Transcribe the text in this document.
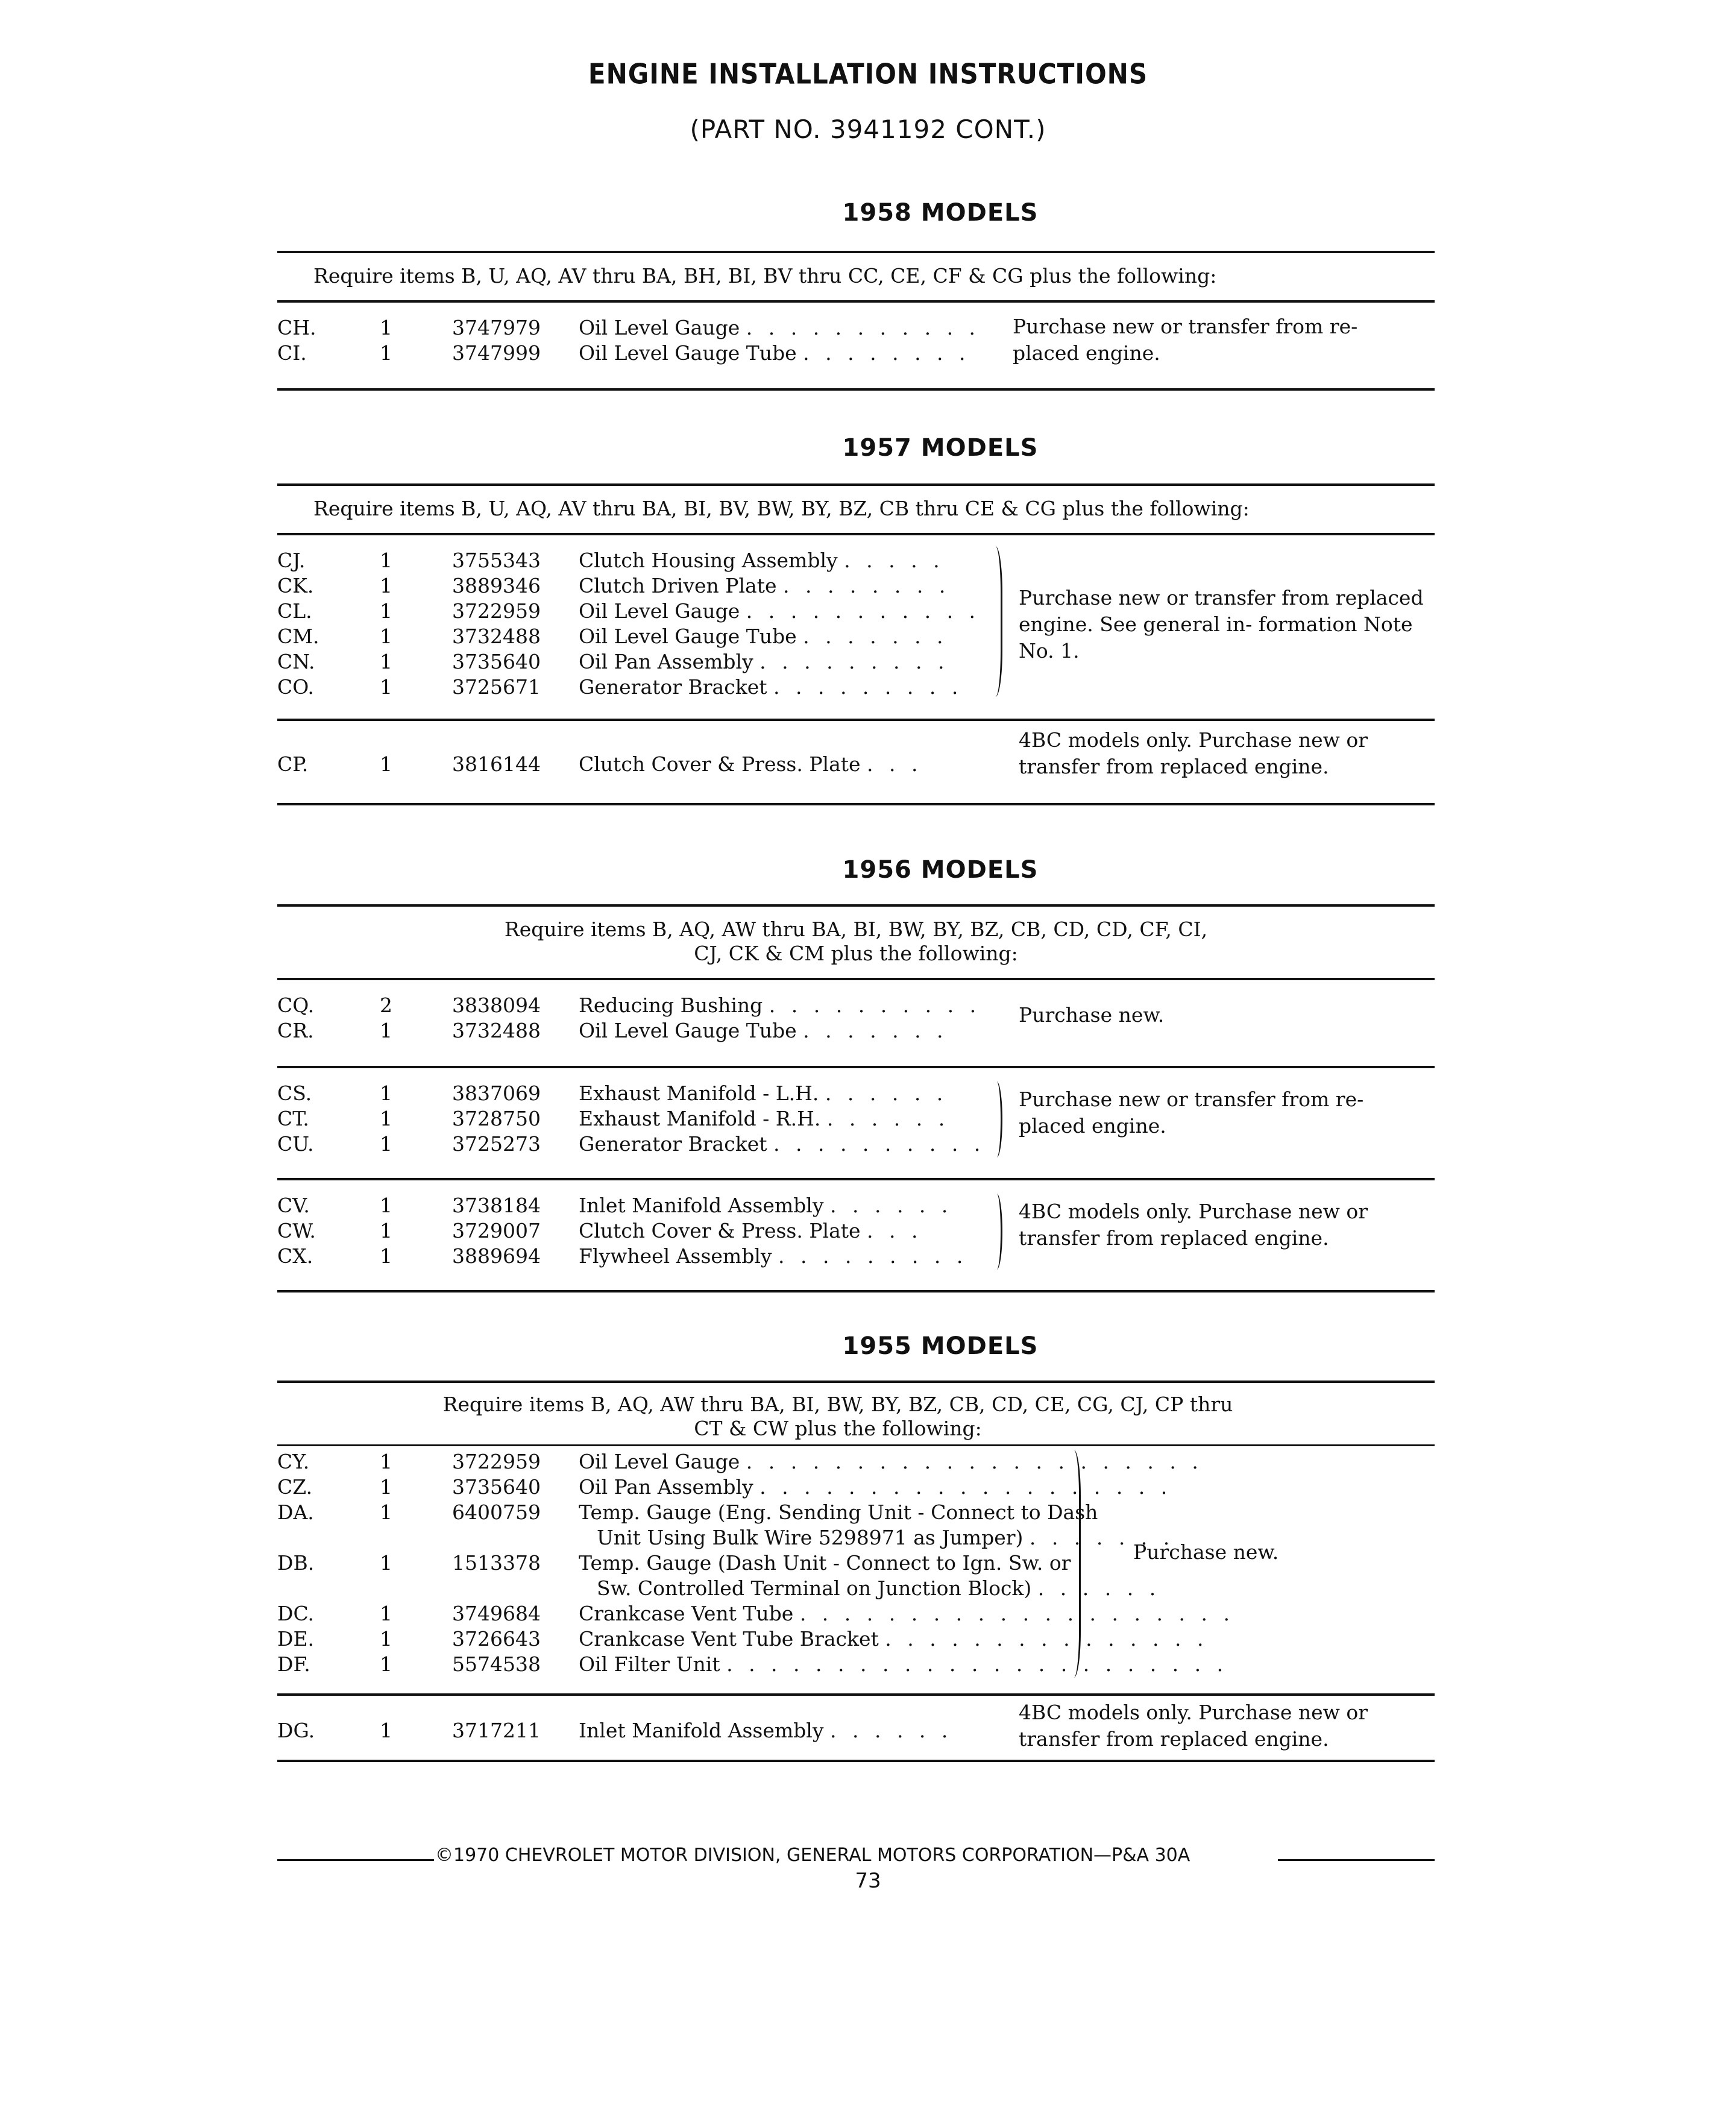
ENGINE INSTALLATION INSTRUCTIONS
(PART NO. 3941192 CONT.)
1958 MODELS
Require items B, U, AQ, AV thru BA, BH, BI, BV thru CC, CE, CF & CG plus the following:
CH.	1	3747979	Oil Level Gauge . . . . . . . . . . .
CI.	1	3747999	Oil Level Gauge Tube . . . . . . . .
Purchase new or transfer from re- placed engine.
1957 MODELS
Require items B, U, AQ, AV thru BA, BI, BV, BW, BY, BZ, CB thru CE & CG plus the following:
CJ.	1	3755343	Clutch Housing Assembly . . . . .
CK.	1	3889346	Clutch Driven Plate . . . . . . . .
CL.	1	3722959	Oil Level Gauge . . . . . . . . . . .
CM.	1	3732488	Oil Level Gauge Tube . . . . . . .
CN.	1	3735640	Oil Pan Assembly . . . . . . . . .
CO.	1	3725671	Generator Bracket . . . . . . . . .
Purchase new or transfer from replaced engine. See general in- formation Note No. 1.
CP.	1	3816144	Clutch Cover & Press. Plate . . .
4BC models only. Purchase new or transfer from replaced engine.
1956 MODELS
Require items B, AQ, AW thru BA, BI, BW, BY, BZ, CB, CD, CD, CF, CI, CJ, CK & CM plus the following:
CQ.	2	3838094	Reducing Bushing . . . . . . . . . .
CR.	1	3732488	Oil Level Gauge Tube . . . . . . .
Purchase new.
CS.	1	3837069	Exhaust Manifold - L.H. . . . . . .
CT.	1	3728750	Exhaust Manifold - R.H. . . . . . .
CU.	1	3725273	Generator Bracket . . . . . . . . . .
Purchase new or transfer from re- placed engine.
CV.	1	3738184	Inlet Manifold Assembly . . . . . .
CW.	1	3729007	Clutch Cover & Press. Plate . . .
CX.	1	3889694	Flywheel Assembly . . . . . . . . .
4BC models only. Purchase new or transfer from replaced engine.
1955 MODELS
Require items B, AQ, AW thru BA, BI, BW, BY, BZ, CB, CD, CE, CG, CJ, CP thru CT & CW plus the following:
CY.	1	3722959	Oil Level Gauge . . . . . . . . . . . . . . . . . . . . .
CZ.	1	3735640	Oil Pan Assembly . . . . . . . . . . . . . . . . . . .
DA.	1	6400759	Temp. Gauge (Eng. Sending Unit - Connect to Dash
Unit Using Bulk Wire 5298971 as Jumper) . . . . . . .
DB.	1	1513378	Temp. Gauge (Dash Unit - Connect to Ign. Sw. or
Sw. Controlled Terminal on Junction Block) . . . . . .
DC.	1	3749684	Crankcase Vent Tube . . . . . . . . . . . . . . . . . . . .
DE.	1	3726643	Crankcase Vent Tube Bracket . . . . . . . . . . . . . . .
DF.	1	5574538	Oil Filter Unit . . . . . . . . . . . . . . . . . . . . . . .
Purchase new.
DG.	1	3717211	Inlet Manifold Assembly . . . . . .
4BC models only. Purchase new or transfer from replaced engine.
©1970 CHEVROLET MOTOR DIVISION, GENERAL MOTORS CORPORATION—P&A 30A
73
